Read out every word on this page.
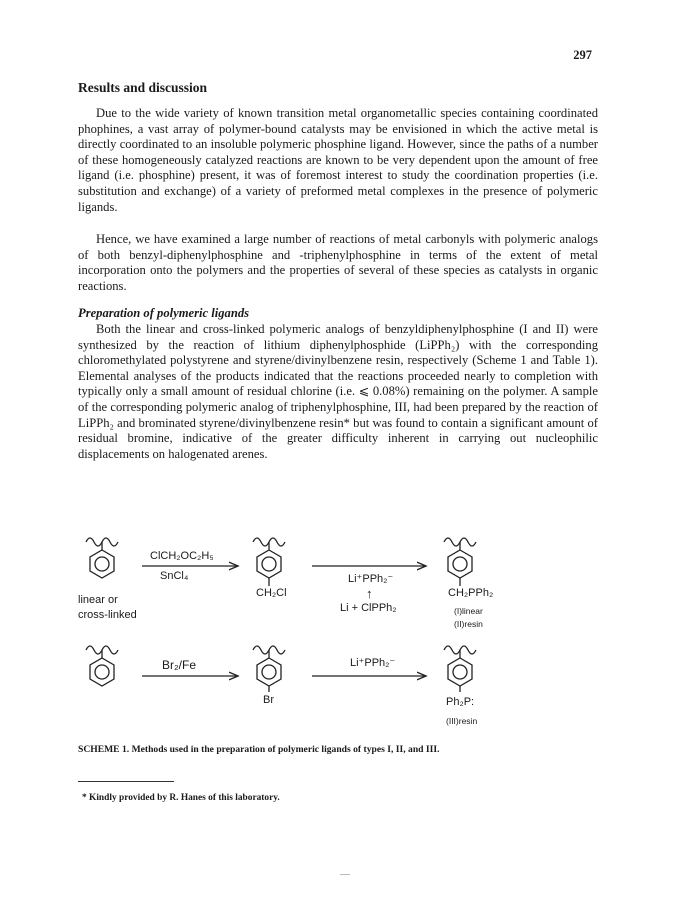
297
Results and discussion

Due to the wide variety of known transition metal organometallic species containing coordinated phophines, a vast array of polymer-bound catalysts may be envisioned in which the active metal is directly coordinated to an insoluble polymeric phosphine ligand. However, since the paths of a number of these homogeneously catalyzed reactions are known to be very dependent upon the amount of free ligand (i.e. phosphine) present, it was of foremost interest to study the coordination properties (i.e. substitution and exchange) of a variety of preformed metal complexes in the presence of polymeric ligands.

Hence, we have examined a large number of reactions of metal carbonyls with polymeric analogs of both benzyl-diphenylphosphine and -triphenylphosphine in terms of the extent of metal incorporation onto the polymers and the properties of several of these species as catalysts in organic reactions.

Preparation of polymeric ligands

Both the linear and cross-linked polymeric analogs of benzyldiphenylphosphine (I and II) were synthesized by the reaction of lithium diphenylphosphide (LiPPh₂) with the corresponding chloromethylated polystyrene and styrene/divinylbenzene resin, respectively (Scheme 1 and Table 1). Elemental analyses of the products indicated that the reactions proceeded nearly to completion with typically only a small amount of residual chlorine (i.e. ⩽ 0.08%) remaining on the polymer. A sample of the corresponding polymeric analog of triphenylphosphine, III, had been prepared by the reaction of LiPPh₂ and brominated styrene/divinylbenzene resin* but was found to contain a significant amount of residual bromine, indicative of the greater difficulty inherent in carrying out nucleophilic displacements on halogenated arenes.

ClCH₂OC₂H₅
SnCl₄
linear or
cross-linked
CH₂Cl
Li⁺PPh₂⁻
↑
Li + ClPPh₂
CH₂PPh₂
(I)linear
(II)resin
Br₂/Fe
Br
Li⁺PPh₂⁻
Ph₂P:
(III)resin

SCHEME 1. Methods used in the preparation of polymeric ligands of types I, II, and III.

* Kindly provided by R. Hanes of this laboratory.
